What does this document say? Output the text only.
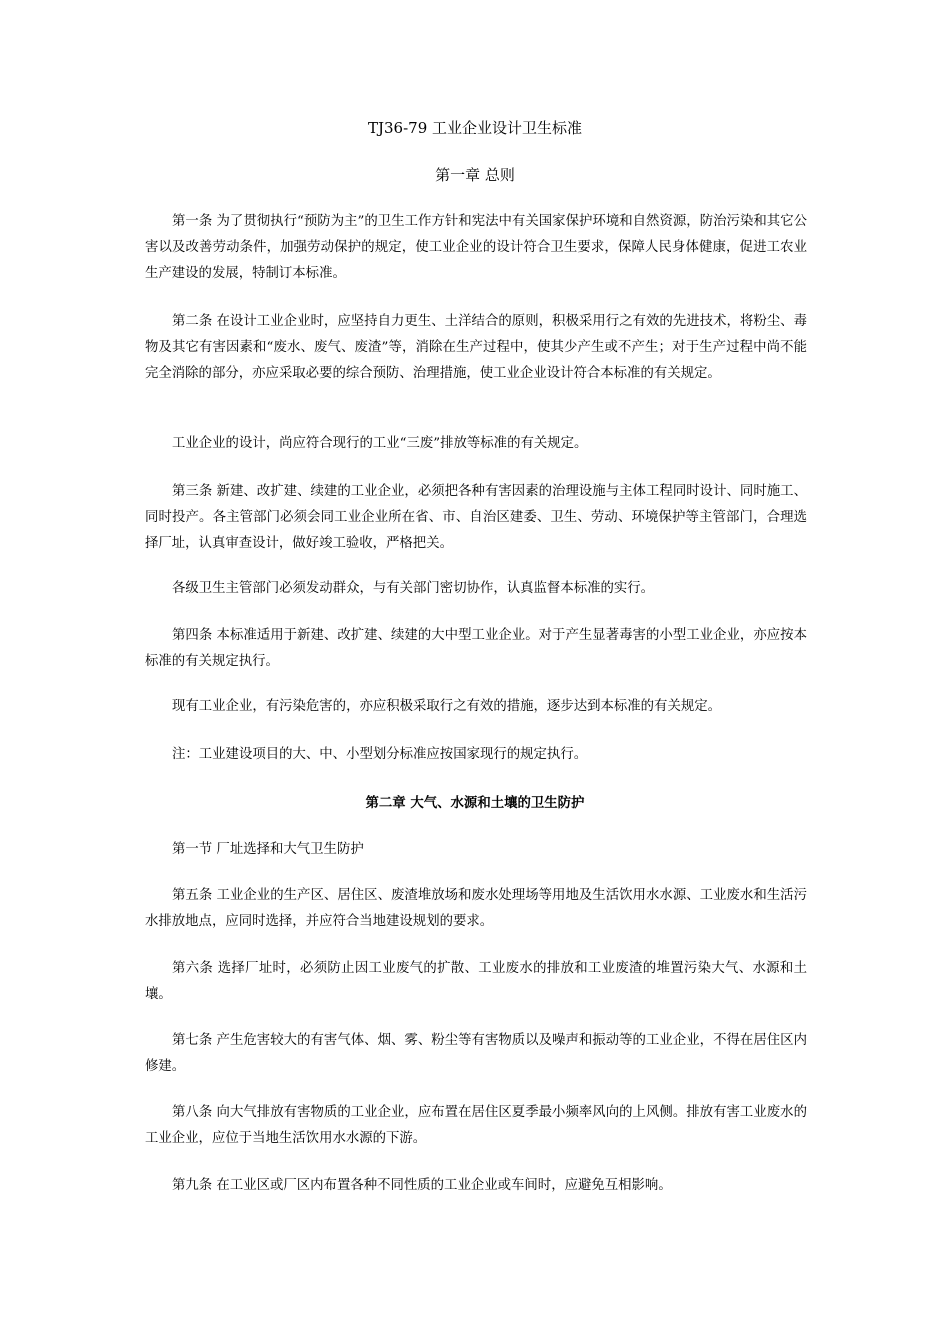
TJ36-79 工业企业设计卫生标准
第一章 总则

第一条 为了贯彻执行“预防为主”的卫生工作方针和宪法中有关国家保护环境和自然资源，防治污染和其它公害以及改善劳动条件，加强劳动保护的规定，使工业企业的设计符合卫生要求，保障人民身体健康，促进工农业生产建设的发展，特制订本标准。

第二条 在设计工业企业时，应坚持自力更生、土洋结合的原则，积极采用行之有效的先进技术，将粉尘、毒物及其它有害因素和“废水、废气、废渣”等，消除在生产过程中，使其少产生或不产生；对于生产过程中尚不能完全消除的部分，亦应采取必要的综合预防、治理措施，使工业企业设计符合本标准的有关规定。

工业企业的设计，尚应符合现行的工业“三废”排放等标准的有关规定。

第三条 新建、改扩建、续建的工业企业，必须把各种有害因素的治理设施与主体工程同时设计、同时施工、同时投产。各主管部门必须会同工业企业所在省、市、自治区建委、卫生、劳动、环境保护等主管部门，合理选择厂址，认真审查设计，做好竣工验收，严格把关。

各级卫生主管部门必须发动群众，与有关部门密切协作，认真监督本标准的实行。

第四条 本标准适用于新建、改扩建、续建的大中型工业企业。对于产生显著毒害的小型工业企业，亦应按本标准的有关规定执行。

现有工业企业，有污染危害的，亦应积极采取行之有效的措施，逐步达到本标准的有关规定。

注：工业建设项目的大、中、小型划分标准应按国家现行的规定执行。

第二章 大气、水源和土壤的卫生防护

第一节 厂址选择和大气卫生防护

第五条 工业企业的生产区、居住区、废渣堆放场和废水处理场等用地及生活饮用水水源、工业废水和生活污水排放地点，应同时选择，并应符合当地建设规划的要求。

第六条 选择厂址时，必须防止因工业废气的扩散、工业废水的排放和工业废渣的堆置污染大气、水源和土壤。

第七条 产生危害较大的有害气体、烟、雾、粉尘等有害物质以及噪声和振动等的工业企业，不得在居住区内修建。

第八条 向大气排放有害物质的工业企业，应布置在居住区夏季最小频率风向的上风侧。排放有害工业废水的工业企业，应位于当地生活饮用水水源的下游。

第九条 在工业区或厂区内布置各种不同性质的工业企业或车间时，应避免互相影响。
